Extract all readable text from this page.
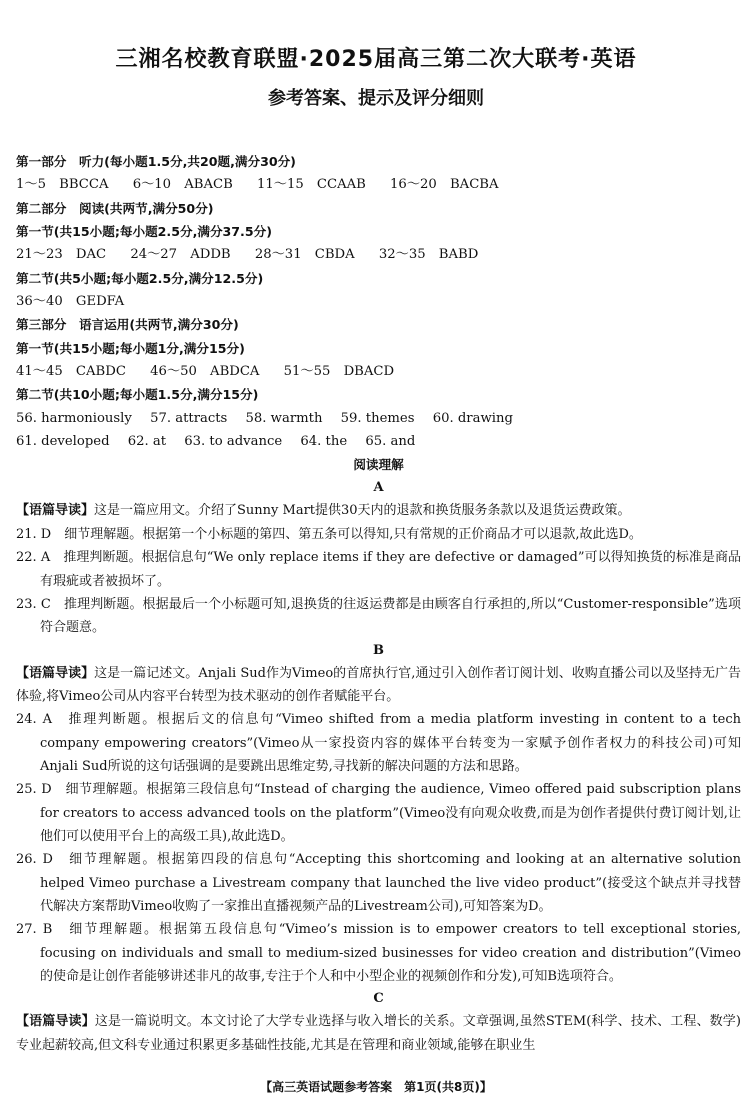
三湘名校教育联盟·2025届高三第二次大联考·英语
参考答案、提示及评分细则
第一部分　听力(每小题1.5分,共20题,满分30分)
1～5　BBCCA 6～10　ABACB 11～15　CCAAB 16～20　BACBA
第二部分　阅读(共两节,满分50分)
第一节(共15小题;每小题2.5分,满分37.5分)
21～23　DAC 24～27　ADDB 28～31　CBDA 32～35　BABD
第二节(共5小题;每小题2.5分,满分12.5分)
36～40　GEDFA
第三部分　语言运用(共两节,满分30分)
第一节(共15小题;每小题1分,满分15分)
41～45　CABDC 46～50　ABDCA 51～55　DBACD
第二节(共10小题;每小题1.5分,满分15分)
56. harmoniously 57. attracts 58. warmth 59. themes 60. drawing
61. developed 62. at 63. to advance 64. the 65. and
阅读理解
A
【语篇导读】这是一篇应用文。介绍了Sunny Mart提供30天内的退款和换货服务条款以及退货运费政策。
21. D　细节理解题。根据第一个小标题的第四、第五条可以得知,只有常规的正价商品才可以退款,故此选D。
22. A　推理判断题。根据信息句“We only replace items if they are defective or damaged”可以得知换货的标准是商品有瑕疵或者被损坏了。
23. C　推理判断题。根据最后一个小标题可知,退换货的往返运费都是由顾客自行承担的,所以“Customer-responsible”选项符合题意。
B
【语篇导读】这是一篇记述文。Anjali Sud作为Vimeo的首席执行官,通过引入创作者订阅计划、收购直播公司以及坚持无广告体验,将Vimeo公司从内容平台转型为技术驱动的创作者赋能平台。
24. A　推理判断题。根据后文的信息句“Vimeo shifted from a media platform investing in content to a tech company empowering creators”(Vimeo从一家投资内容的媒体平台转变为一家赋予创作者权力的科技公司)可知Anjali Sud所说的这句话强调的是要跳出思维定势,寻找新的解决问题的方法和思路。
25. D　细节理解题。根据第三段信息句“Instead of charging the audience, Vimeo offered paid subscription plans for creators to access advanced tools on the platform”(Vimeo没有向观众收费,而是为创作者提供付费订阅计划,让他们可以使用平台上的高级工具),故此选D。
26. D　细节理解题。根据第四段的信息句“Accepting this shortcoming and looking at an alternative solution helped Vimeo purchase a Livestream company that launched the live video product”(接受这个缺点并寻找替代解决方案帮助Vimeo收购了一家推出直播视频产品的Livestream公司),可知答案为D。
27. B　细节理解题。根据第五段信息句“Vimeo’s mission is to empower creators to tell exceptional stories, focusing on individuals and small to medium-sized businesses for video creation and distribution”(Vimeo的使命是让创作者能够讲述非凡的故事,专注于个人和中小型企业的视频创作和分发),可知B选项符合。
C
【语篇导读】这是一篇说明文。本文讨论了大学专业选择与收入增长的关系。文章强调,虽然STEM(科学、技术、工程、数学)专业起薪较高,但文科专业通过积累更多基础性技能,尤其是在管理和商业领域,能够在职业生
【高三英语试题参考答案　第1页(共8页)】
